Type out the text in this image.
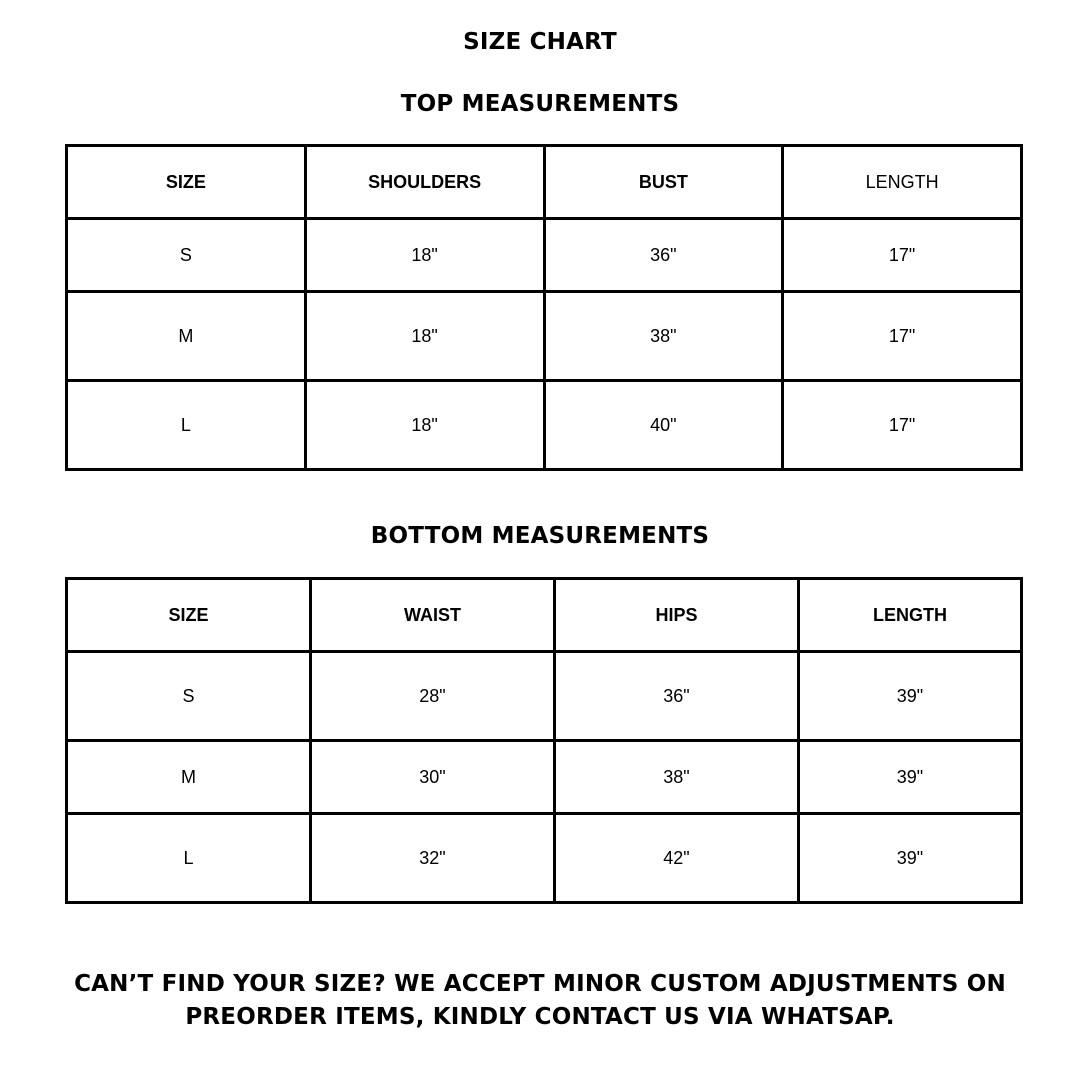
SIZE CHART
TOP MEASUREMENTS
SIZE	SHOULDERS	BUST	LENGTH
S	18"	36"	17"
M	18"	38"	17"
L	18"	40"	17"
BOTTOM MEASUREMENTS
SIZE	WAIST	HIPS	LENGTH
S	28"	36"	39"
M	30"	38"	39"
L	32"	42"	39"

CAN’T FIND YOUR SIZE? WE ACCEPT MINOR CUSTOM ADJUSTMENTS ON
PREORDER ITEMS, KINDLY CONTACT US VIA WHATSAP.
